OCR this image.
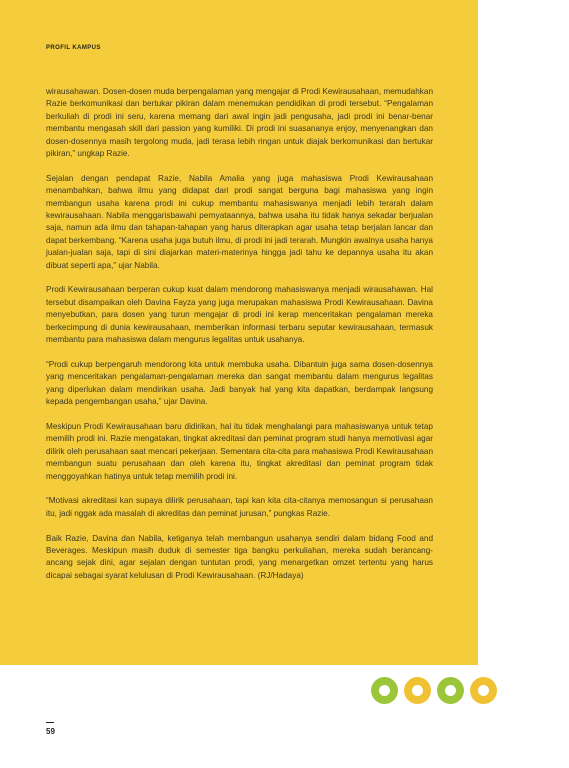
PROFIL KAMPUS

wirausahawan. Dosen-dosen muda berpengalaman yang mengajar di Prodi Kewirausahaan, memudahkan Razie berkomunikasi dan bertukar pikiran dalam menemukan pendidikan di prodi tersebut. “Pengalaman berkuliah di prodi ini seru, karena memang dari awal ingin jadi pengusaha, jadi prodi ini benar-benar membantu mengasah skill dari passion yang kumiliki. Di prodi ini suasananya enjoy, menyenangkan dan dosen-dosennya masih tergolong muda, jadi terasa lebih ringan untuk diajak berkomunikasi dan bertukar pikiran,” ungkap Razie.

Sejalan dengan pendapat Razie, Nabila Amalia yang juga mahasiswa Prodi Kewirausahaan menambahkan, bahwa ilmu yang didapat dari prodi sangat berguna bagi mahasiswa yang ingin membangun usaha karena prodi ini cukup membantu mahasiswanya menjadi lebih terarah dalam kewirausahaan. Nabila menggarisbawahi pernyataannya, bahwa usaha itu tidak hanya sekadar berjualan saja, namun ada ilmu dan tahapan-tahapan yang harus diterapkan agar usaha tetap berjalan lancar dan dapat berkembang. “Karena usaha juga butuh ilmu, di prodi ini jadi terarah. Mungkin awalnya usaha hanya jualan-jualan saja, tapi di sini diajarkan materi-materinya hingga jadi tahu ke depannya usaha itu akan dibuat seperti apa,” ujar Nabila.

Prodi Kewirausahaan berperan cukup kuat dalam mendorong mahasiswanya menjadi wirausahawan. Hal tersebut disampaikan oleh Davina Fayza yang juga merupakan mahasiswa Prodi Kewirausahaan. Davina menyebutkan, para dosen yang turun mengajar di prodi ini kerap menceritakan pengalaman mereka berkecimpung di dunia kewirausahaan, memberikan informasi terbaru seputar kewirausahaan, termasuk membantu para mahasiswa dalam mengurus legalitas untuk usahanya.

“Prodi cukup berpengaruh mendorong kita untuk membuka usaha. Dibantuin juga sama dosen-dosennya yang menceritakan pengalaman-pengalaman mereka dan sangat membantu dalam mengurus legalitas yang diperlukan dalam mendirikan usaha. Jadi banyak hal yang kita dapatkan, berdampak langsung kepada pengembangan usaha,” ujar Davina.

Meskipun Prodi Kewirausahaan baru didirikan, hal itu tidak menghalangi para mahasiswanya untuk tetap memilih prodi ini. Razie mengatakan, tingkat akreditasi dan peminat program studi hanya memotivasi agar dilirik oleh perusahaan saat mencari pekerjaan. Sementara cita-cita para mahasiswa Prodi Kewirausahaan membangun suatu perusahaan dan oleh karena itu, tingkat akreditasi dan peminat program tidak menggoyahkan hatinya untuk tetap memilih prodi ini.

“Motivasi akreditasi kan supaya dilirik perusahaan, tapi kan kita cita-citanya memosangun si perusahaan itu, jadi nggak ada masalah di akreditas dan peminat jurusan,” pungkas Razie.

Baik Razie, Davina dan Nabila, ketiganya telah membangun usahanya sendiri dalam bidang Food and Beverages. Meskipun masih duduk di semester tiga bangku perkuliahan, mereka sudah berancang-ancang sejak dini, agar sejalan dengan tuntutan prodi, yang menargetkan omzet tertentu yang harus dicapai sebagai syarat kelulusan di Prodi Kewirausahaan. (RJ/Hadaya)

59
